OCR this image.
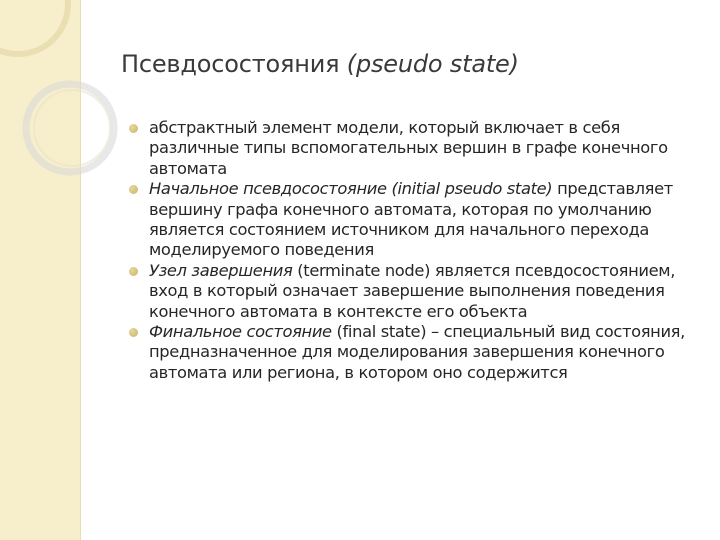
Псевдосостояния (pseudo state)
абстрактный элемент модели, который включает в себя различные типы вспомогательных вершин в графе конечного автомата
Начальное псевдосостояние (initial pseudo state) представляет вершину графа конечного автомата, которая по умолчанию является состоянием источником для начального перехода моделируемого поведения
Узел завершения (terminate node) является псевдосостоянием, вход в который означает завершение выполнения поведения конечного автомата в контексте его объекта
Финальное состояние (final state) – специальный вид состояния, предназначенное для моделирования завершения конечного автомата или региона, в котором оно содержится
